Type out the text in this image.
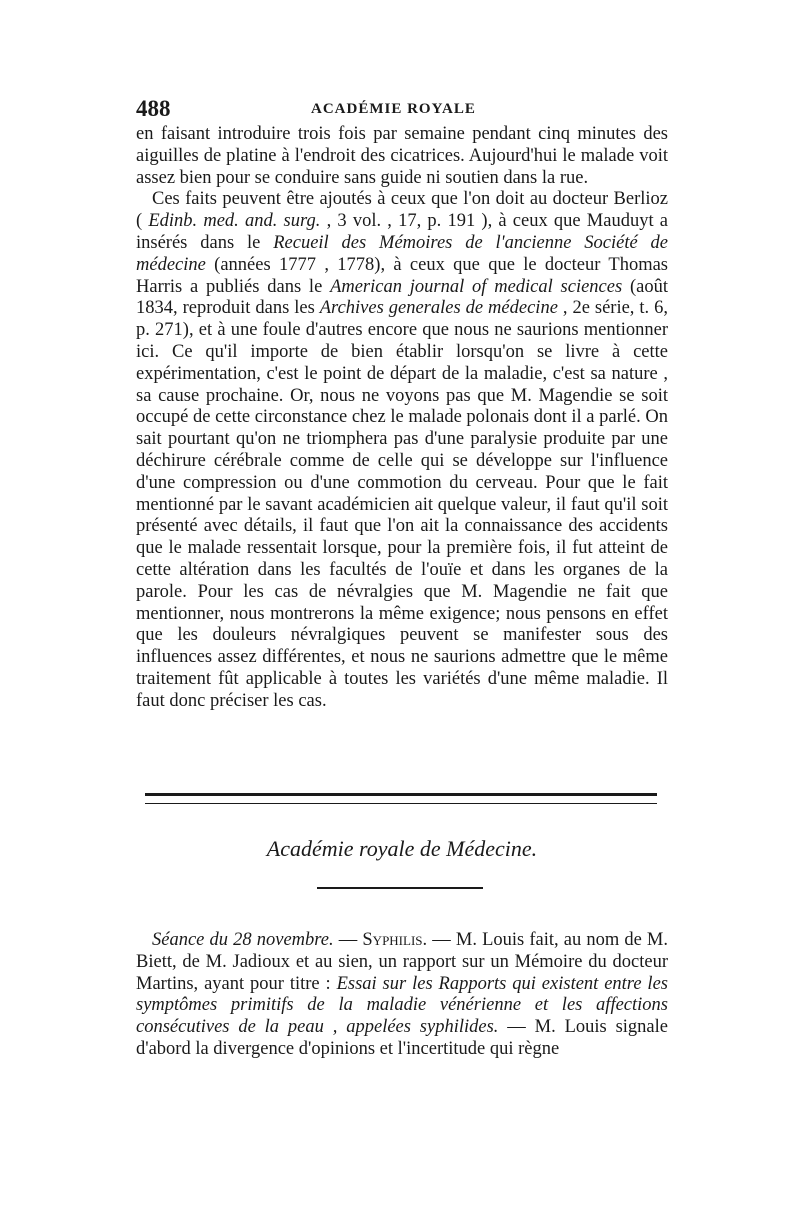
488	ACADÉMIE ROYALE

en faisant introduire trois fois par semaine pendant cinq minutes des aiguilles de platine à l'endroit des cicatrices. Aujourd'hui le malade voit assez bien pour se conduire sans guide ni soutien dans la rue.

Ces faits peuvent être ajoutés à ceux que l'on doit au docteur Berlioz ( Edinb. med. and. surg. , 3 vol. , 17, p. 191 ), à ceux que Mauduyt a insérés dans le Recueil des Mémoires de l'ancienne Société de médecine (années 1777 , 1778), à ceux que que le docteur Thomas Harris a publiés dans le American journal of medical sciences (août 1834, reproduit dans les Archives generales de médecine , 2e série, t. 6, p. 271), et à une foule d'autres encore que nous ne saurions mentionner ici. Ce qu'il importe de bien établir lorsqu'on se livre à cette expérimentation, c'est le point de départ de la maladie, c'est sa nature , sa cause prochaine. Or, nous ne voyons pas que M. Magendie se soit occupé de cette circonstance chez le malade polonais dont il a parlé. On sait pourtant qu'on ne triomphera pas d'une paralysie produite par une déchirure cérébrale comme de celle qui se développe sur l'influence d'une compression ou d'une commotion du cerveau. Pour que le fait mentionné par le savant académicien ait quelque valeur, il faut qu'il soit présenté avec détails, il faut que l'on ait la connaissance des accidents que le malade ressentait lorsque, pour la première fois, il fut atteint de cette altération dans les facultés de l'ouïe et dans les organes de la parole. Pour les cas de névralgies que M. Magendie ne fait que mentionner, nous montrerons la même exigence; nous pensons en effet que les douleurs névralgiques peuvent se manifester sous des influences assez différentes, et nous ne saurions admettre que le même traitement fût applicable à toutes les variétés d'une même maladie. Il faut donc préciser les cas.

Académie royale de Médecine.

Séance du 28 novembre. — Syphilis. — M. Louis fait, au nom de M. Biett, de M. Jadioux et au sien, un rapport sur un Mémoire du docteur Martins, ayant pour titre : Essai sur les Rapports qui existent entre les symptômes primitifs de la maladie vénérienne et les affections consécutives de la peau , appelées syphilides. — M. Louis signale d'abord la divergence d'opinions et l'incertitude qui règne
